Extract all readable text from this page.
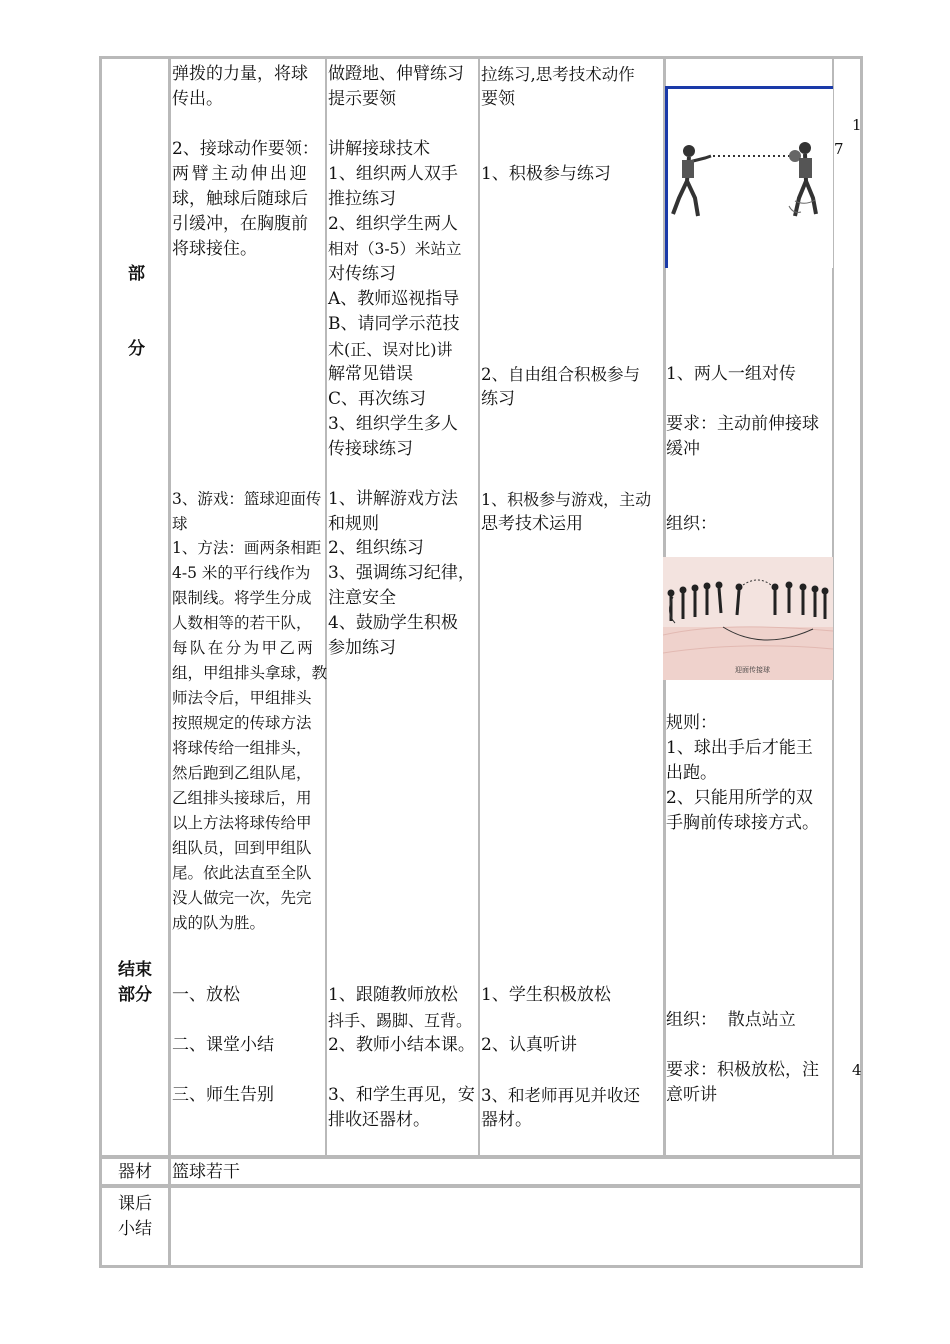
部
分
结束
部分
弹拨的力量，将球
传出。
2、接球动作要领：
两臂主动伸出迎
球，触球后随球后
引缓冲，在胸腹前
将球接住。
3、游戏：篮球迎面传
球
1、方法：画两条相距
4-5 米的平行线作为
限制线。将学生分成
人数相等的若干队，
每队在分为甲乙两
组，甲组排头拿球，教
师法令后，甲组排头
按照规定的传球方法
将球传给一组排头，
然后跑到乙组队尾，
乙组排头接球后，用
以上方法将球传给甲
组队员，回到甲组队
尾。依此法直至全队
没人做完一次，先完
成的队为胜。
一、放松
二、课堂小结
三、师生告别
做蹬地、伸臂练习
提示要领
讲解接球技术
1、组织两人双手
推拉练习
2、组织学生两人
相对（3-5）米站立
对传练习
A、教师巡视指导
B、请同学示范技
术(正、误对比)讲
解常见错误
C、再次练习
3、组织学生多人
传接球练习
1、讲解游戏方法
和规则
2、组织练习
3、强调练习纪律，
注意安全
4、鼓励学生积极
参加练习
1、跟随教师放松
抖手、踢脚、互背。
2、教师小结本课。
3、和学生再见，安
排收还器材。
拉练习,思考技术动作
要领
1、积极参与练习
2、自由组合积极参与
练习
1、积极参与游戏，主动
思考技术运用
1、学生积极放松
2、认真听讲
3、和老师再见并收还
器材。
1、两人一组对传
要求：主动前伸接球
缓冲
组织：
迎面传接球
规则：
1、球出手后才能王
出跑。
2、只能用所学的双
手胸前传球接方式。
组织：  散点站立
要求：积极放松，注
意听讲
1
7
4
器材 篮球若干
课后
小结
